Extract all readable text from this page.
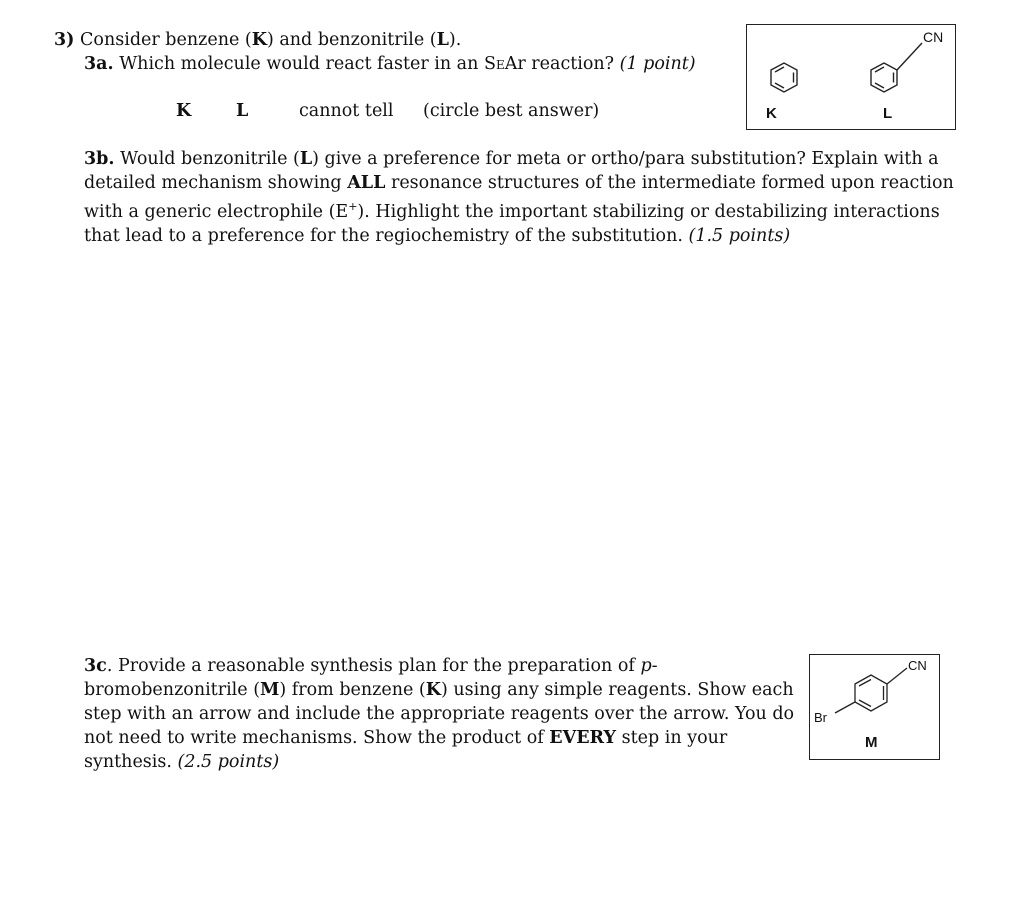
3) Consider benzene (K) and benzonitrile (L).
3a. Which molecule would react faster in an SEAr reaction? (1 point)
K	L	cannot tell (circle best answer)
CN
K	L
3b. Would benzonitrile (L) give a preference for meta or ortho/para substitution? Explain with a
detailed mechanism showing ALL resonance structures of the intermediate formed upon reaction
with a generic electrophile (E+). Highlight the important stabilizing or destabilizing interactions
that lead to a preference for the regiochemistry of the substitution. (1.5 points)
3c. Provide a reasonable synthesis plan for the preparation of p-
bromobenzonitrile (M) from benzene (K) using any simple reagents. Show each
step with an arrow and include the appropriate reagents over the arrow. You do
not need to write mechanisms. Show the product of EVERY step in your
synthesis. (2.5 points)
CN
Br
M
